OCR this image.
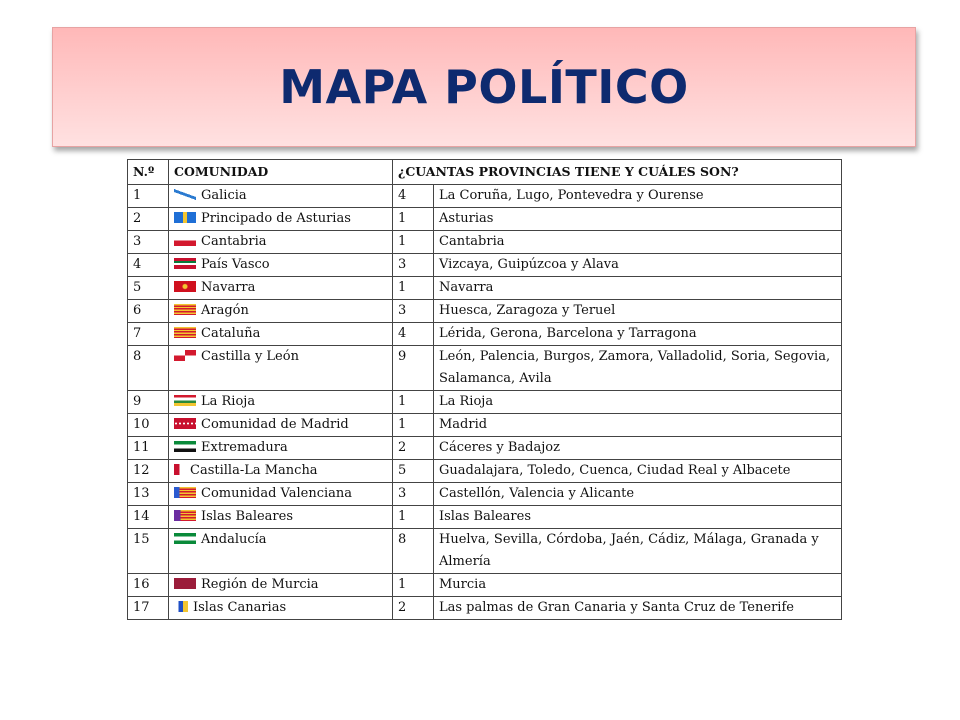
MAPA POLÍTICO
N.º	COMUNIDAD	¿CUANTAS PROVINCIAS TIENE Y CUÁLES SON?	
1	Galicia	4	La Coruña, Lugo, Pontevedra y Ourense
2	Principado de Asturias	1	Asturias
3	Cantabria	1	Cantabria
4	País Vasco	3	Vizcaya, Guipúzcoa y Alava
5	Navarra	1	Navarra
6	Aragón	3	Huesca, Zaragoza y Teruel
7	Cataluña	4	Lérida, Gerona, Barcelona y Tarragona
8	Castilla y León	9	León, Palencia, Burgos, Zamora, Valladolid, Soria, Segovia, Salamanca, Avila
9	La Rioja	1	La Rioja
10	Comunidad de Madrid	1	Madrid
11	Extremadura	2	Cáceres y Badajoz
12	Castilla-La Mancha	5	Guadalajara, Toledo, Cuenca, Ciudad Real y Albacete
13	Comunidad Valenciana	3	Castellón, Valencia y Alicante
14	Islas Baleares	1	Islas Baleares
15	Andalucía	8	Huelva, Sevilla, Córdoba, Jaén, Cádiz, Málaga, Granada y Almería
16	Región de Murcia	1	Murcia
17	Islas Canarias	2	Las palmas de Gran Canaria y Santa Cruz de Tenerife
